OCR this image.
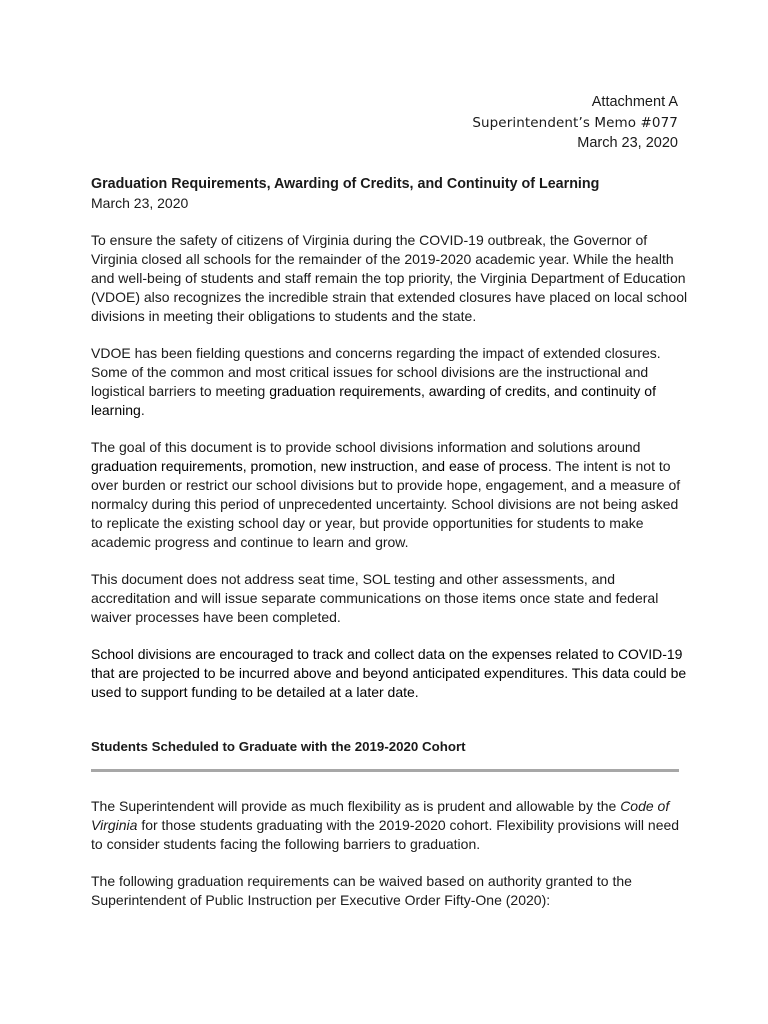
Attachment A
Superintendent’s Memo #077
March 23, 2020
Graduation Requirements, Awarding of Credits, and Continuity of Learning
March 23, 2020

To ensure the safety of citizens of Virginia during the COVID-19 outbreak, the Governor of Virginia closed all schools for the remainder of the 2019-2020 academic year. While the health and well-being of students and staff remain the top priority, the Virginia Department of Education (VDOE) also recognizes the incredible strain that extended closures have placed on local school divisions in meeting their obligations to students and the state.

VDOE has been fielding questions and concerns regarding the impact of extended closures. Some of the common and most critical issues for school divisions are the instructional and logistical barriers to meeting graduation requirements, awarding of credits, and continuity of learning.

The goal of this document is to provide school divisions information and solutions around graduation requirements, promotion, new instruction, and ease of process. The intent is not to over burden or restrict our school divisions but to provide hope, engagement, and a measure of normalcy during this period of unprecedented uncertainty. School divisions are not being asked to replicate the existing school day or year, but provide opportunities for students to make academic progress and continue to learn and grow.

This document does not address seat time, SOL testing and other assessments, and accreditation and will issue separate communications on those items once state and federal waiver processes have been completed.

School divisions are encouraged to track and collect data on the expenses related to COVID-19 that are projected to be incurred above and beyond anticipated expenditures. This data could be used to support funding to be detailed at a later date.

Students Scheduled to Graduate with the 2019-2020 Cohort

The Superintendent will provide as much flexibility as is prudent and allowable by the Code of Virginia for those students graduating with the 2019-2020 cohort. Flexibility provisions will need to consider students facing the following barriers to graduation.

The following graduation requirements can be waived based on authority granted to the Superintendent of Public Instruction per Executive Order Fifty-One (2020):
